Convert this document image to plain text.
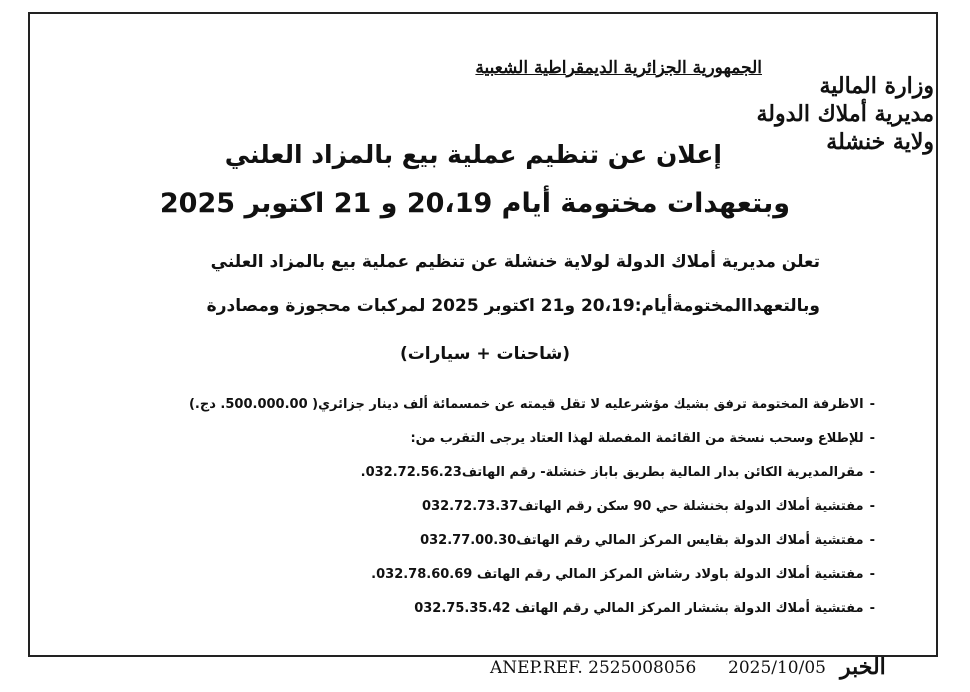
الجمهورية الجزائرية الديمقراطية الشعبية
وزارة المالية
مديرية أملاك الدولة
ولاية خنشلة
إعلان عن تنظيم عملية بيع بالمزاد العلني
وبتعهدات مختومة أيام 20،19 و 21 اكتوبر 2025
تعلن مديرية أملاك الدولة لولاية خنشلة عن تنظيم عملية بيع بالمزاد العلني
وبالتعهداالمختومةأيام:20،19 و21 اكتوبر 2025 لمركبات محجوزة ومصادرة
(شاحنات + سيارات)
-الاظرفة المختومة ترفق بشيك مؤشرعليه لا تقل قيمته عن خمسمائة ألف دينار جزائري( 500.000.00. دج.)
-للإطلاع وسحب نسخة من القائمة المفصلة لهذا العتاد يرجى التقرب من:
-مقرالمديرية الكائن بدار المالية بطريق باباز خنشلة- رقم الهاتف032.72.56.23.
-مفتشية أملاك الدولة بخنشلة حي 90 سكن رقم الهاتف032.72.73.37
-مفتشية أملاك الدولة بقايس المركز المالي رقم الهاتف032.77.00.30
-مفتشية أملاك الدولة باولاد رشاش المركز المالي رقم الهاتف 032.78.60.69.
-مفتشية أملاك الدولة بششار المركز المالي رقم الهاتف 032.75.35.42
ANEP.REF. 2525008056 2025/10/05 الخبر
